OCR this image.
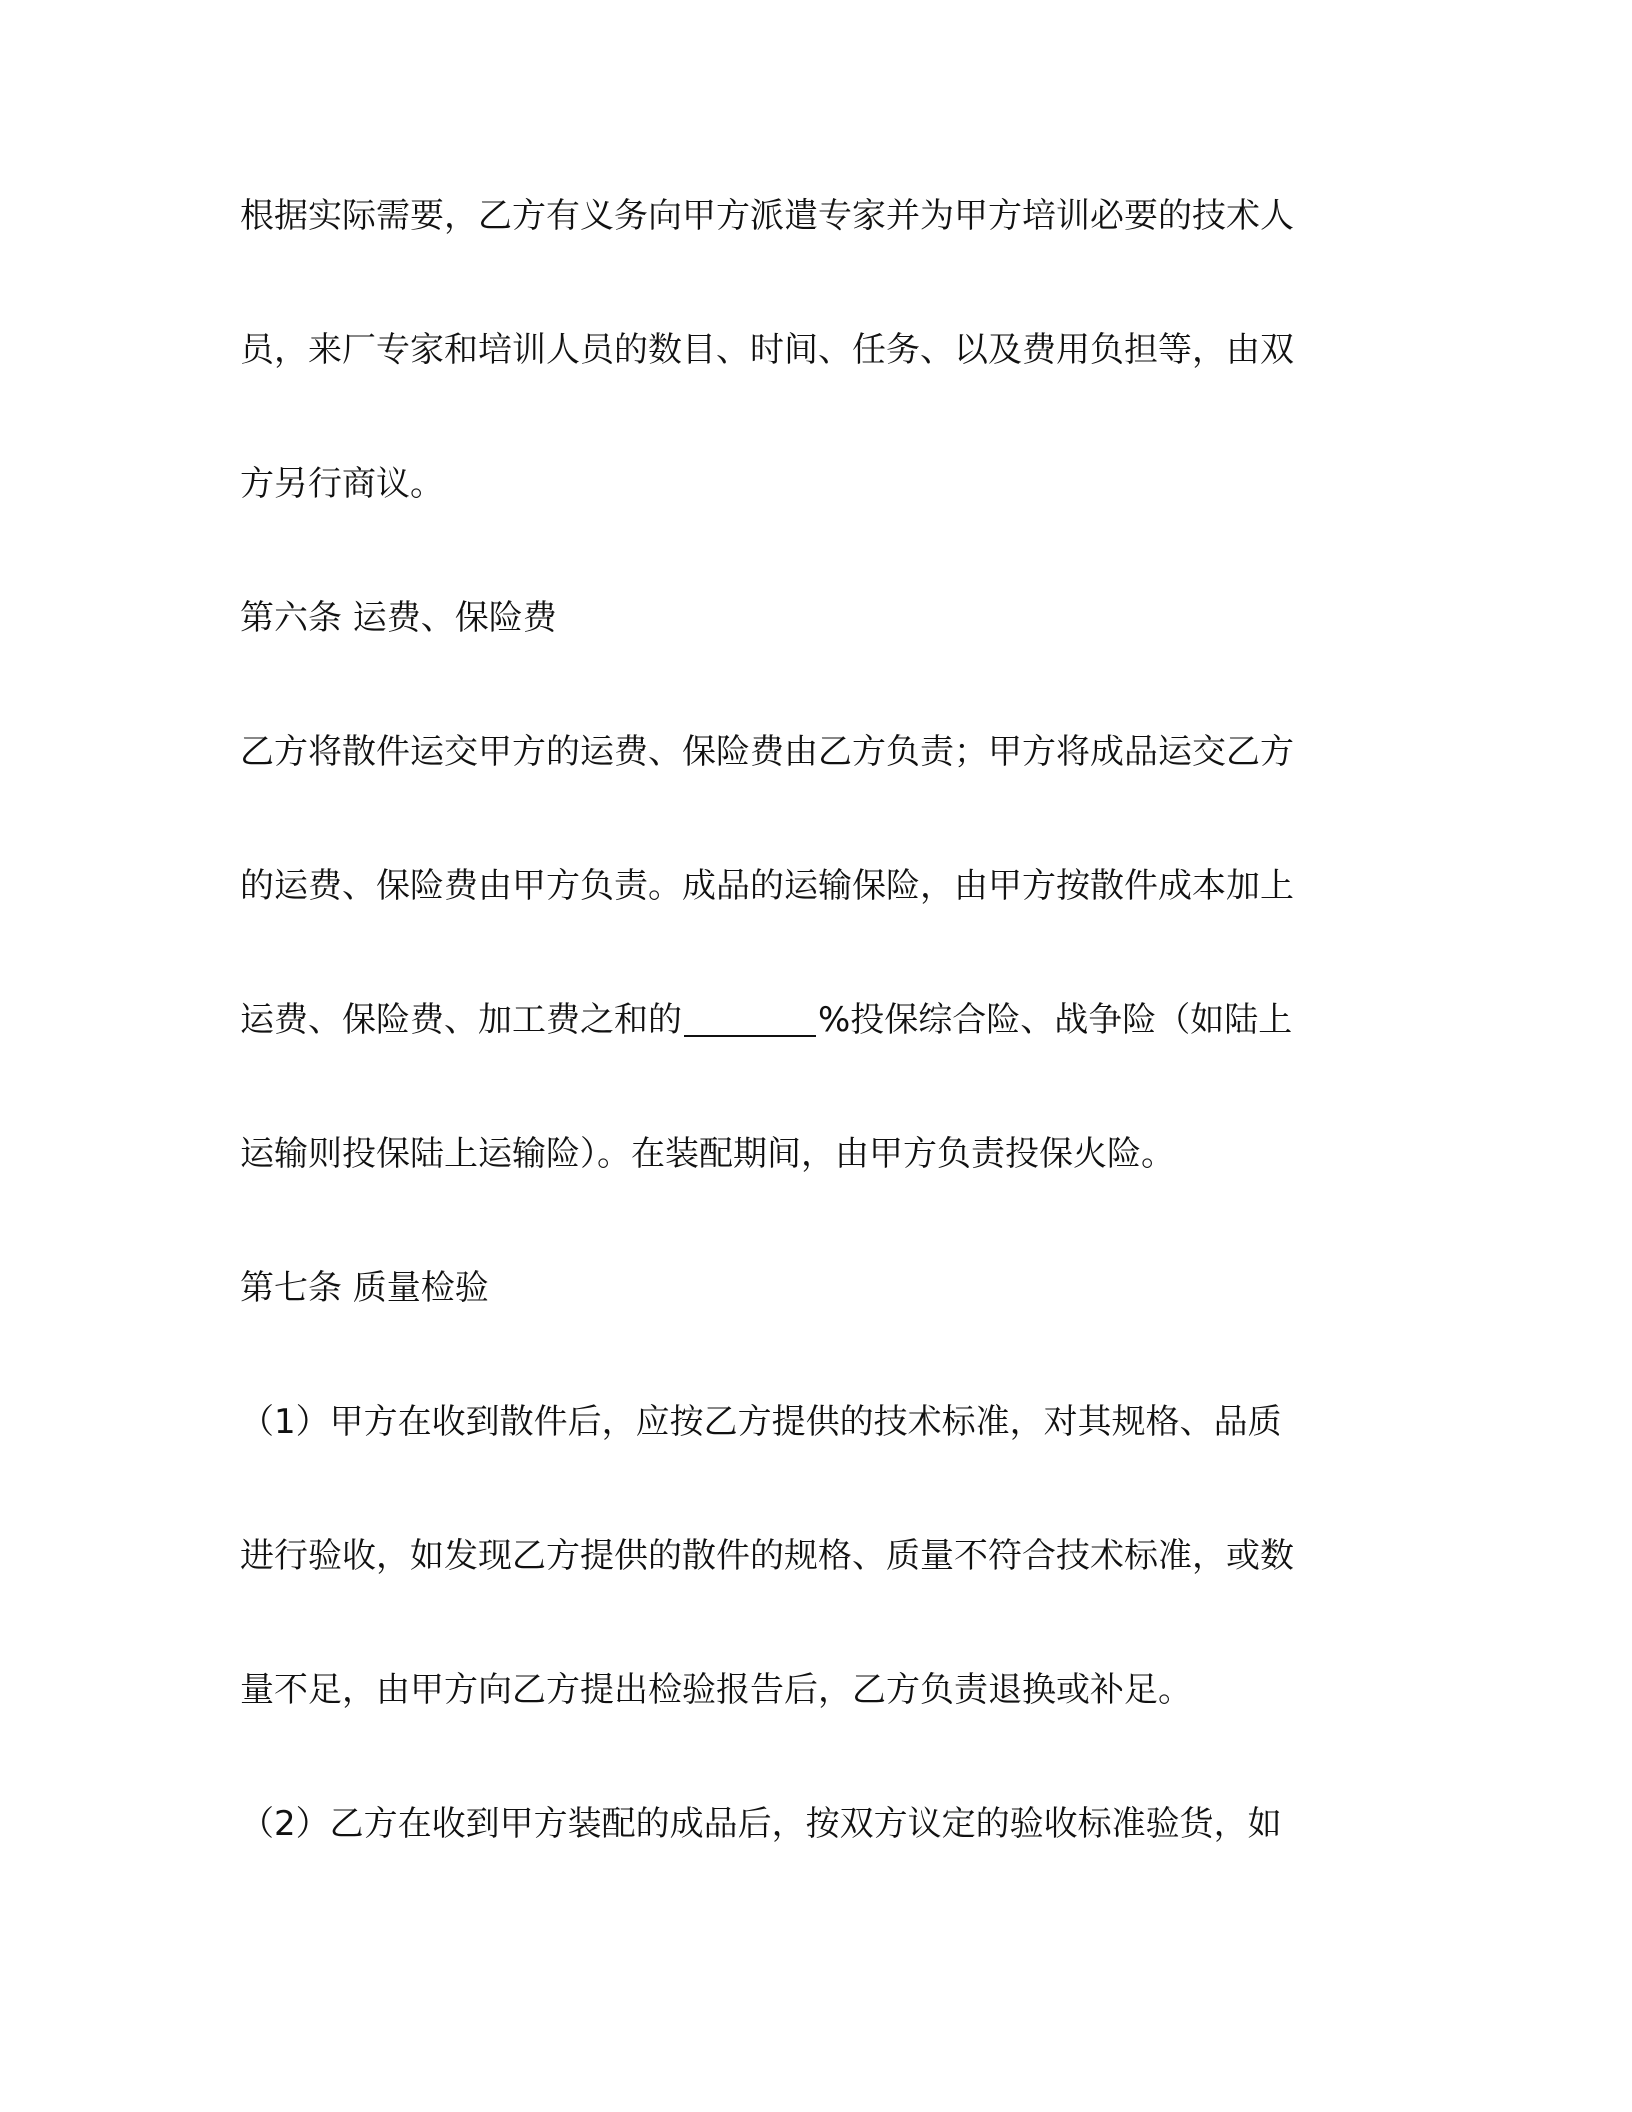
根据实际需要，乙方有义务向甲方派遣专家并为甲方培训必要的技术人
员，来厂专家和培训人员的数目、时间、任务、以及费用负担等，由双
方另行商议。
第六条 运费、保险费
乙方将散件运交甲方的运费、保险费由乙方负责；甲方将成品运交乙方
的运费、保险费由甲方负责。成品的运输保险，由甲方按散件成本加上
运费、保险费、加工费之和的	%投保综合险、战争险（如陆上
运输则投保陆上运输险）。在装配期间，由甲方负责投保火险。
第七条 质量检验
（1）甲方在收到散件后，应按乙方提供的技术标准，对其规格、品质
进行验收，如发现乙方提供的散件的规格、质量不符合技术标准，或数
量不足，由甲方向乙方提出检验报告后，乙方负责退换或补足。
（2）乙方在收到甲方装配的成品后，按双方议定的验收标准验货，如
